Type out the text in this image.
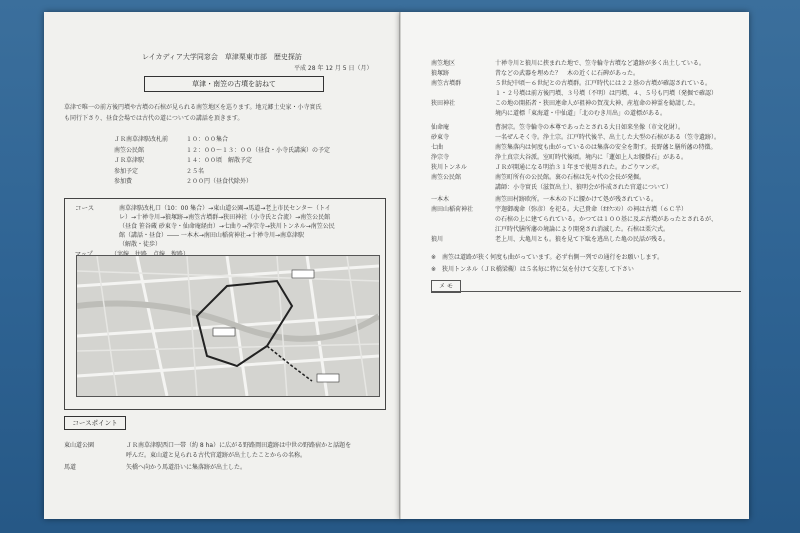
レイカディア大学同窓会　草津栗東市部　歴史探訪
平成 28 年 12 月 5 日（月）
草津・南笠の古墳を訪ねて
草津で唯一の前方後円墳や古墳の石棺が見られる南笠地区を巡ります。地元郷土史家・小寺實氏
も同行下さり、昼食会場では古代の道についての講話を頂きます。
ＪＲ南草津駅改札前	１０：００集合
南笠公民館	１２：００～１３：００（昼食・小寺氏講演）の予定
ＪＲ草津駅	１４：００頃　解散予定
参加予定	２５名
参加費	２００円（昼食代除外）
コース	南草津駅改札口（10：00 集合）→東山道公園→馬道→老上市民センター（トイ
レ）→十禅寺川→狼塚跡→南笠古墳群→狭田神社（小寺氏と合流）→南笠公民館
（昼食 笹谷蔵 砂東寺・仙命庵経由）→七曲り→浄宗寺→狭川トンネル→南笠公民
館（講話・昼食）―― 一本木→南田山稲荷神社→十禅寺川→南草津駅
（解散・徒歩）
コースポイント
東山道公園	ＪＲ南草津駅西口一帯（約 8 ha）に広がる野路岡田遺跡は中世の野路宿かと話題を
呼んだ。東山道と見られる古代官道跡が出土したことからの名称。
馬道	矢橋へ向かう馬道沿いに集落跡が出土した。
南笠地区	十禅寺川と狼川に挟まれた地で、笠寺輪寺古墳など遺跡が多く出土している。
狼塚跡	昔などの武器を埋めた？　木の近くに石碑があった。
南笠古墳群	５世紀中頃～６世紀との古墳群。江戸時代には２２基の古墳が確認されている。
１・２号墳は前方後円墳、３号墳（不明）は円墳、４、５号も円墳（発掘で確認）
狭田神社	この地の開拓者・狭田連命人が祖神の賀茂大神、産埴命の神霊を勧請した。
境内に道標「東海道・中仙道」「北のむき川出」の道標がある。
仙命庵	曹洞宗。笠寺輪寺の本尊であったとされる大日如来坐像（市文化財）。
砂東寺	一名ぜんそく寺。浄土宗。江戸時代後半、出土した大型の石棺がある（笠寺遺跡）。
七曲	南笠集落内は何度も曲がっているのは集落の安全を期す。長野藩と膳所藩の特徴。
浄宗寺	浄土真宗大谷派。室町時代後頃。境内に「蓮如上人お腰掛石」がある。
狭川トンネル	ＪＲが開通になる明治３１年まで使用された。わごりマンボ。
南笠公民館	南笠町所有の公民館。裏の石棺は先々代の会長が発掘。
講師：小寺實氏（滋賀出土）、狼明会が作成された官道について）
一本木	南笠田村跡欧所。一本木の下に腰かけて処が残されている。
南田山稲荷神社	宇迦御魂命（弥彦）を祀る。大己貴命（ｵｵｸﾆﾇｼ）の祠は古墳（６Ｃ半）
の石棺の上に建てられている。かつては１００基に及ぶ古墳があったとされるが、
江戸時代膳所藩の境論により開発され消滅した。石棺は栗穴式。
狼川	老上川、大亀川とも。狼を見て下駄を逃出した亀の民話が残る。
※　南笠は道路が狭く何度も曲がっています。必ず右側一列での通行をお願いします。
※　狭川トンネル（ＪＲ橋梁槻）は５名毎に特に気を付けて交差して下さい
メ モ
